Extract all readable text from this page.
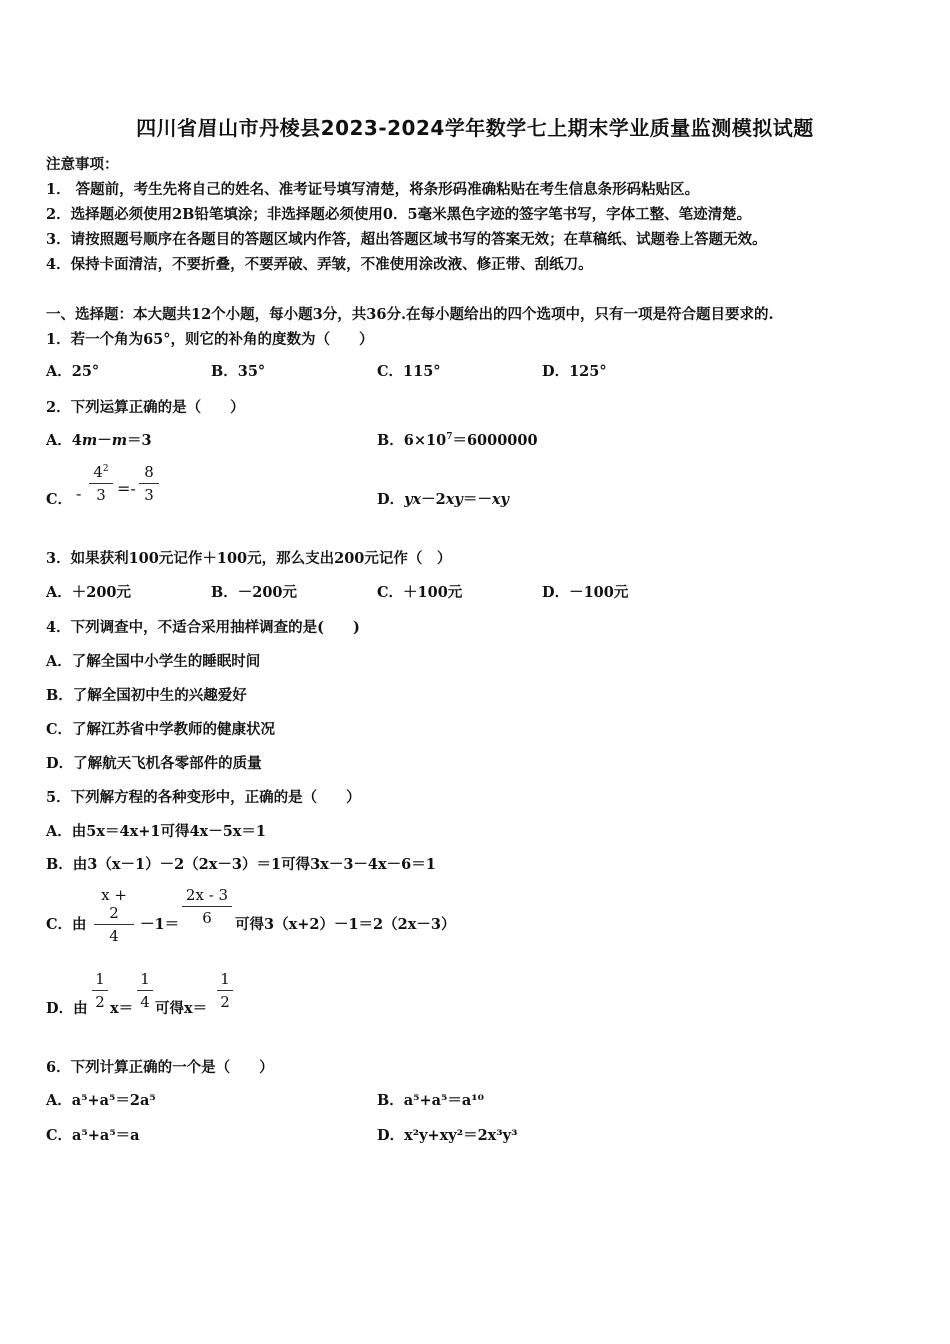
四川省眉山市丹棱县2023-2024学年数学七上期末学业质量监测模拟试题
注意事项：
1． 答题前，考生先将自己的姓名、准考证号填写清楚，将条形码准确粘贴在考生信息条形码粘贴区。
2．选择题必须使用2B铅笔填涂；非选择题必须使用0．5毫米黑色字迹的签字笔书写，字体工整、笔迹清楚。
3．请按照题号顺序在各题目的答题区域内作答，超出答题区域书写的答案无效；在草稿纸、试题卷上答题无效。
4．保持卡面清洁，不要折叠，不要弄破、弄皱，不准使用涂改液、修正带、刮纸刀。
一、选择题：本大题共12个小题，每小题3分，共36分.在每小题给出的四个选项中，只有一项是符合题目要求的.
1．若一个角为65°，则它的补角的度数为（　　）
A．25°	B．35°	C．115°	D．125°
2．下列运算正确的是（　　）
A．4m－m＝3	B．$6\times 10^7=6000000$
C． - $\frac{4^2}{3} =- \frac{8}{3}$	D．yx－2xy＝－xy
3．如果获利100元记作＋100元，那么支出200元记作（　）
A．＋200元	B．－200元	C．＋100元	D．－100元
4．下列调查中，不适合采用抽样调查的是(　　)
A．了解全国中小学生的睡眠时间
B．了解全国初中生的兴趣爱好
C．了解江苏省中学教师的健康状况
D．了解航天飞机各零部件的质量
5．下列解方程的各种变形中，正确的是（　　）
A．由5x＝4x+1可得4x－5x＝1
B．由3（x－1）－2（2x－3）＝1可得3x－3－4x－6＝1
C．由 $\frac{x + 2}{4} -1= \frac{2x - 3}{6}$ 可得3（x+2）－1＝2（2x－3）
D．由 $\frac{1}{2} x= \frac{1}{4}$ 可得$x= \frac{1}{2}$
6．下列计算正确的一个是（　　）
A．a⁵+a⁵＝2a⁵	B．a⁵+a⁵＝a¹⁰
C．a⁵+a⁵＝a	D．x²y+xy²＝2x³y³
